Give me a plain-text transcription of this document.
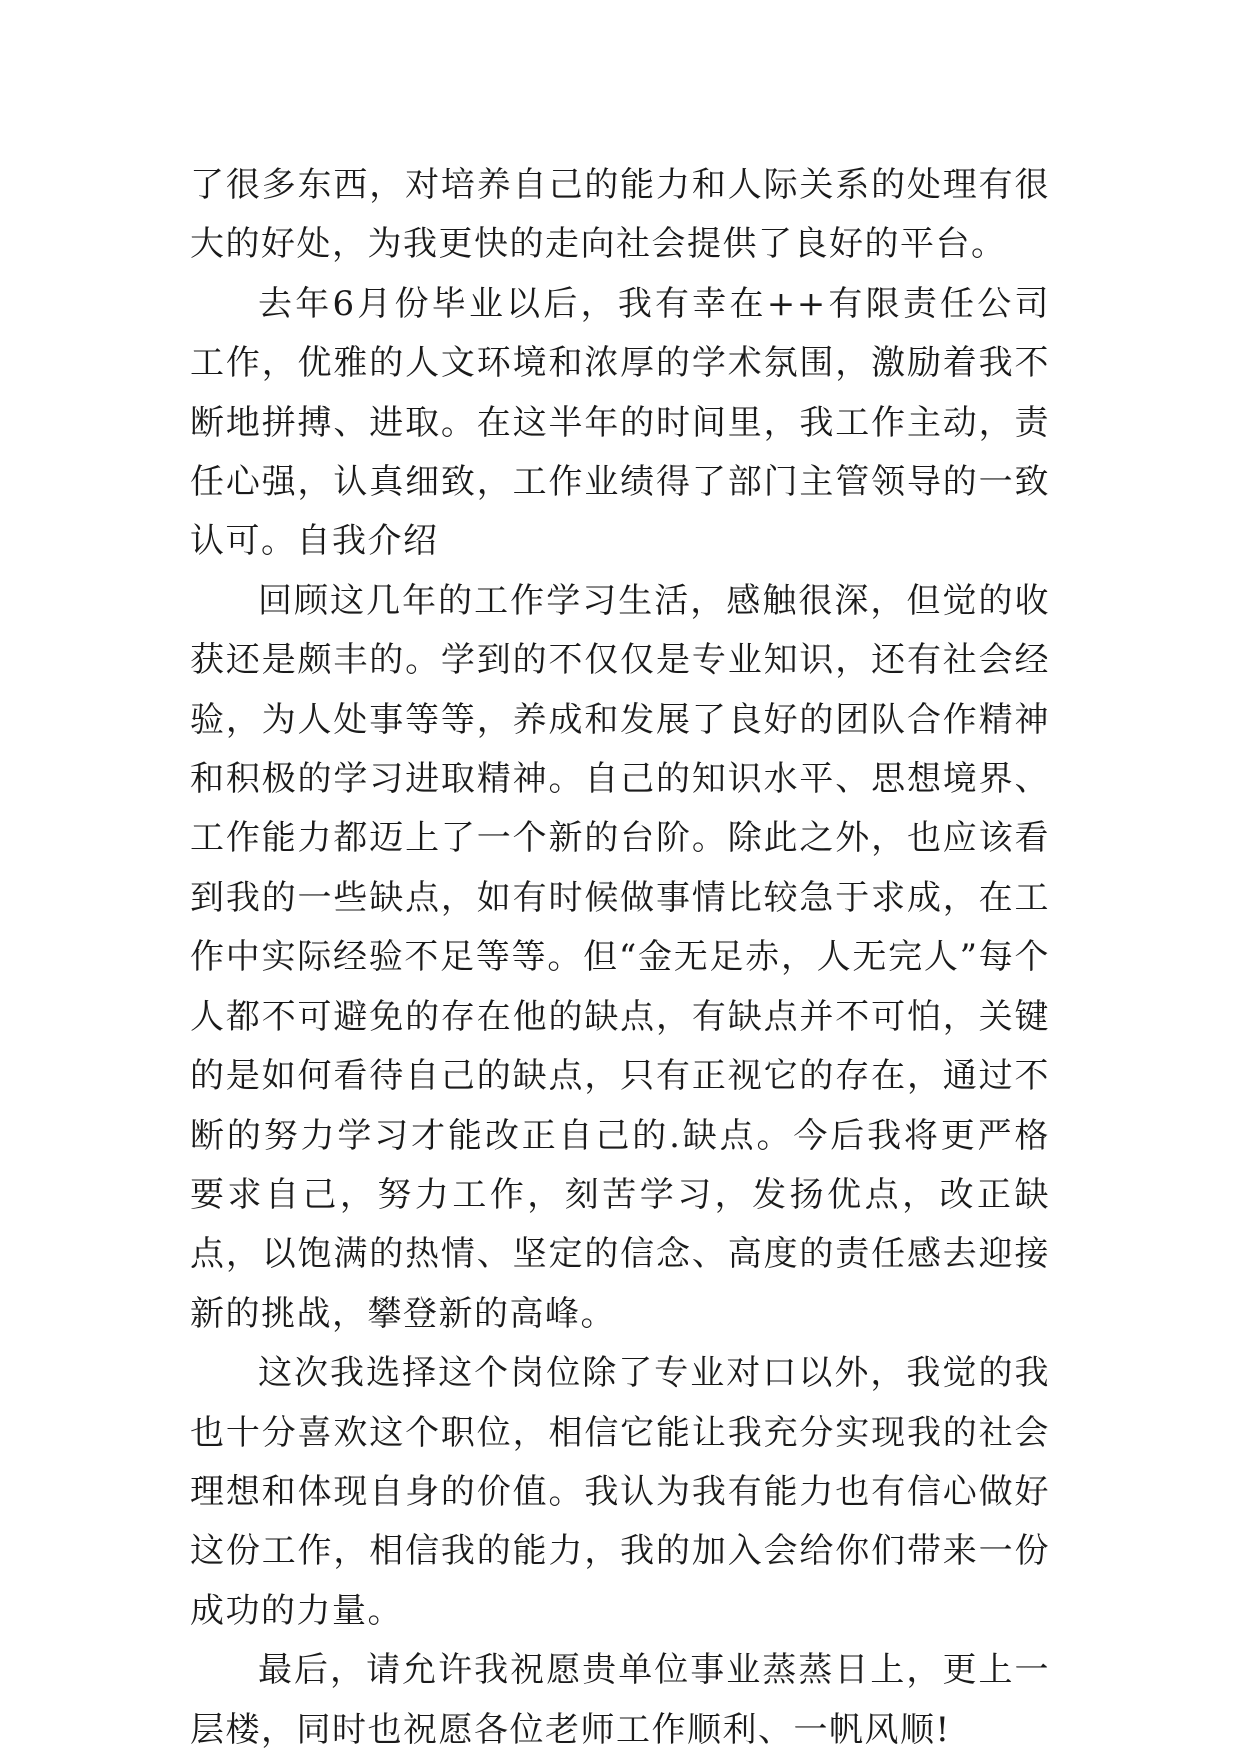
了很多东西，对培养自己的能力和人际关系的处理有很大的好处，为我更快的走向社会提供了良好的平台。

去年6月份毕业以后，我有幸在++有限责任公司工作，优雅的人文环境和浓厚的学术氛围，激励着我不断地拼搏、进取。在这半年的时间里，我工作主动，责任心强，认真细致，工作业绩得了部门主管领导的一致认可。自我介绍

回顾这几年的工作学习生活，感触很深，但觉的收获还是颇丰的。学到的不仅仅是专业知识，还有社会经验，为人处事等等，养成和发展了良好的团队合作精神和积极的学习进取精神。自己的知识水平、思想境界、工作能力都迈上了一个新的台阶。除此之外，也应该看到我的一些缺点，如有时候做事情比较急于求成，在工作中实际经验不足等等。但“金无足赤，人无完人”每个人都不可避免的存在他的缺点，有缺点并不可怕，关键的是如何看待自己的缺点，只有正视它的存在，通过不断的努力学习才能改正自己的.缺点。今后我将更严格要求自己，努力工作，刻苦学习，发扬优点，改正缺点，以饱满的热情、坚定的信念、高度的责任感去迎接新的挑战，攀登新的高峰。

这次我选择这个岗位除了专业对口以外，我觉的我也十分喜欢这个职位，相信它能让我充分实现我的社会理想和体现自身的价值。我认为我有能力也有信心做好这份工作，相信我的能力，我的加入会给你们带来一份成功的力量。

最后，请允许我祝愿贵单位事业蒸蒸日上，更上一层楼，同时也祝愿各位老师工作顺利、一帆风顺!
